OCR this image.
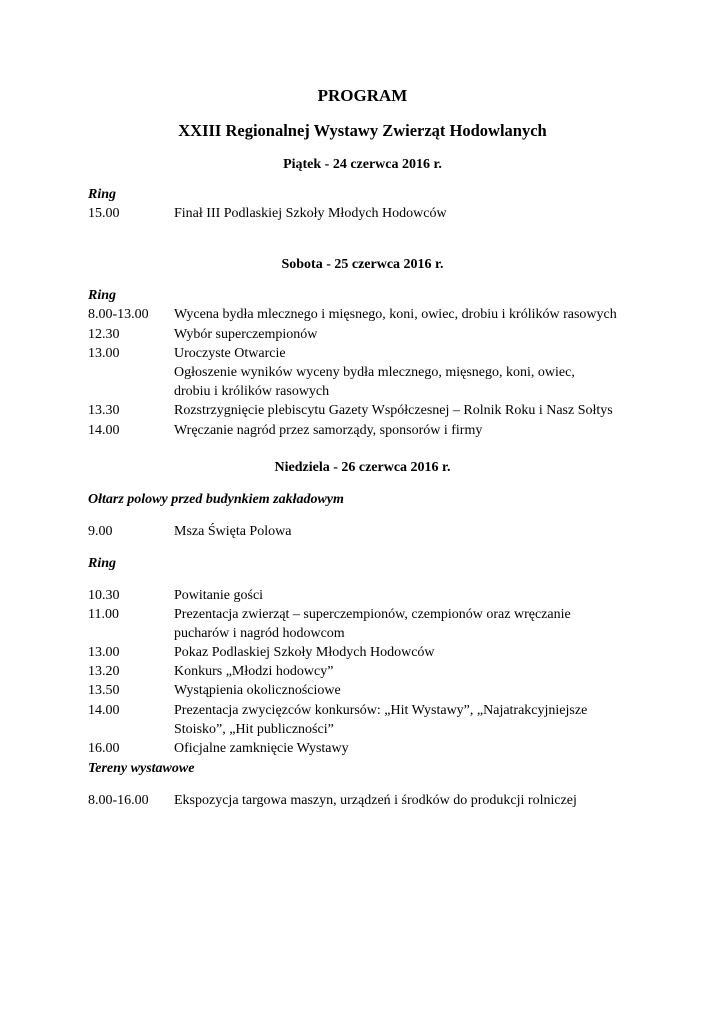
PROGRAM
XXIII Regionalnej Wystawy Zwierząt Hodowlanych
Piątek - 24 czerwca 2016 r.
Ring
15.00	Finał III Podlaskiej Szkoły Młodych Hodowców
Sobota - 25 czerwca 2016 r.
Ring
8.00-13.00 Wycena bydła mlecznego i mięsnego, koni, owiec, drobiu i królików rasowych
12.30	Wybór superczempionów
13.00	Uroczyste Otwarcie
Ogłoszenie wyników wyceny bydła mlecznego, mięsnego, koni, owiec,
drobiu i królików rasowych
13.30	Rozstrzygnięcie plebiscytu Gazety Współczesnej – Rolnik Roku i Nasz Sołtys
14.00	Wręczanie nagród przez samorządy, sponsorów i firmy
Niedziela - 26 czerwca 2016 r.
Ołtarz polowy przed budynkiem zakładowym
9.00	Msza Święta Polowa
Ring
10.30	Powitanie gości
11.00	Prezentacja zwierząt – superczempionów, czempionów oraz wręczanie
pucharów i nagród hodowcom
13.00	Pokaz Podlaskiej Szkoły Młodych Hodowców
13.20	Konkurs „Młodzi hodowcy”
13.50	Wystąpienia okolicznościowe
14.00	Prezentacja zwycięzców konkursów: „Hit Wystawy”, „Najatrakcyjniejsze
Stoisko”, „Hit publiczności”
16.00	Oficjalne zamknięcie Wystawy
Tereny wystawowe
8.00-16.00 Ekspozycja targowa maszyn, urządzeń i środków do produkcji rolniczej
